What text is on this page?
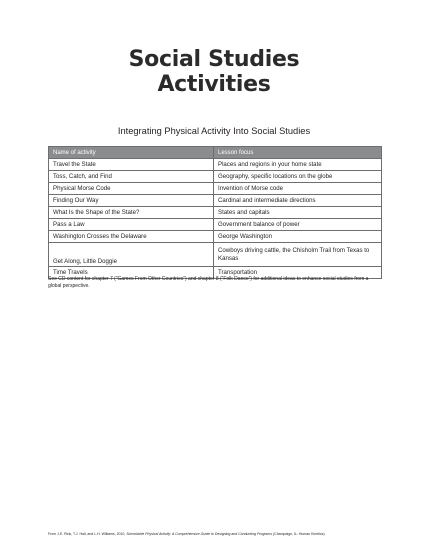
Social Studies
Activities
Integrating Physical Activity Into Social Studies
Name of activity	Lesson focus
Travel the State	Places and regions in your home state
Toss, Catch, and Find	Geography, specific locations on the globe
Physical Morse Code	Invention of Morse code
Finding Our Way	Cardinal and intermediate directions
What Is the Shape of the State?	States and capitals
Pass a Law	Government balance of power
Washington Crosses the Delaware	George Washington
Get Along, Little Doggie	Cowboys driving cattle, the Chisholm Trail from Texas to Kansas
Time Travels	Transportation
See CD content for chapter 7 (“Games From Other Countries”) and chapter 8 (“Folk Dance”) for additional ideas to enhance social studies from a global perspective.
From J.E. Rink, T.J. Hall, and L.H. Williams, 2010, Schoolwide Physical Activity: A Comprehensive Guide to Designing and Conducting Programs (Champaign, IL: Human Kinetics).
